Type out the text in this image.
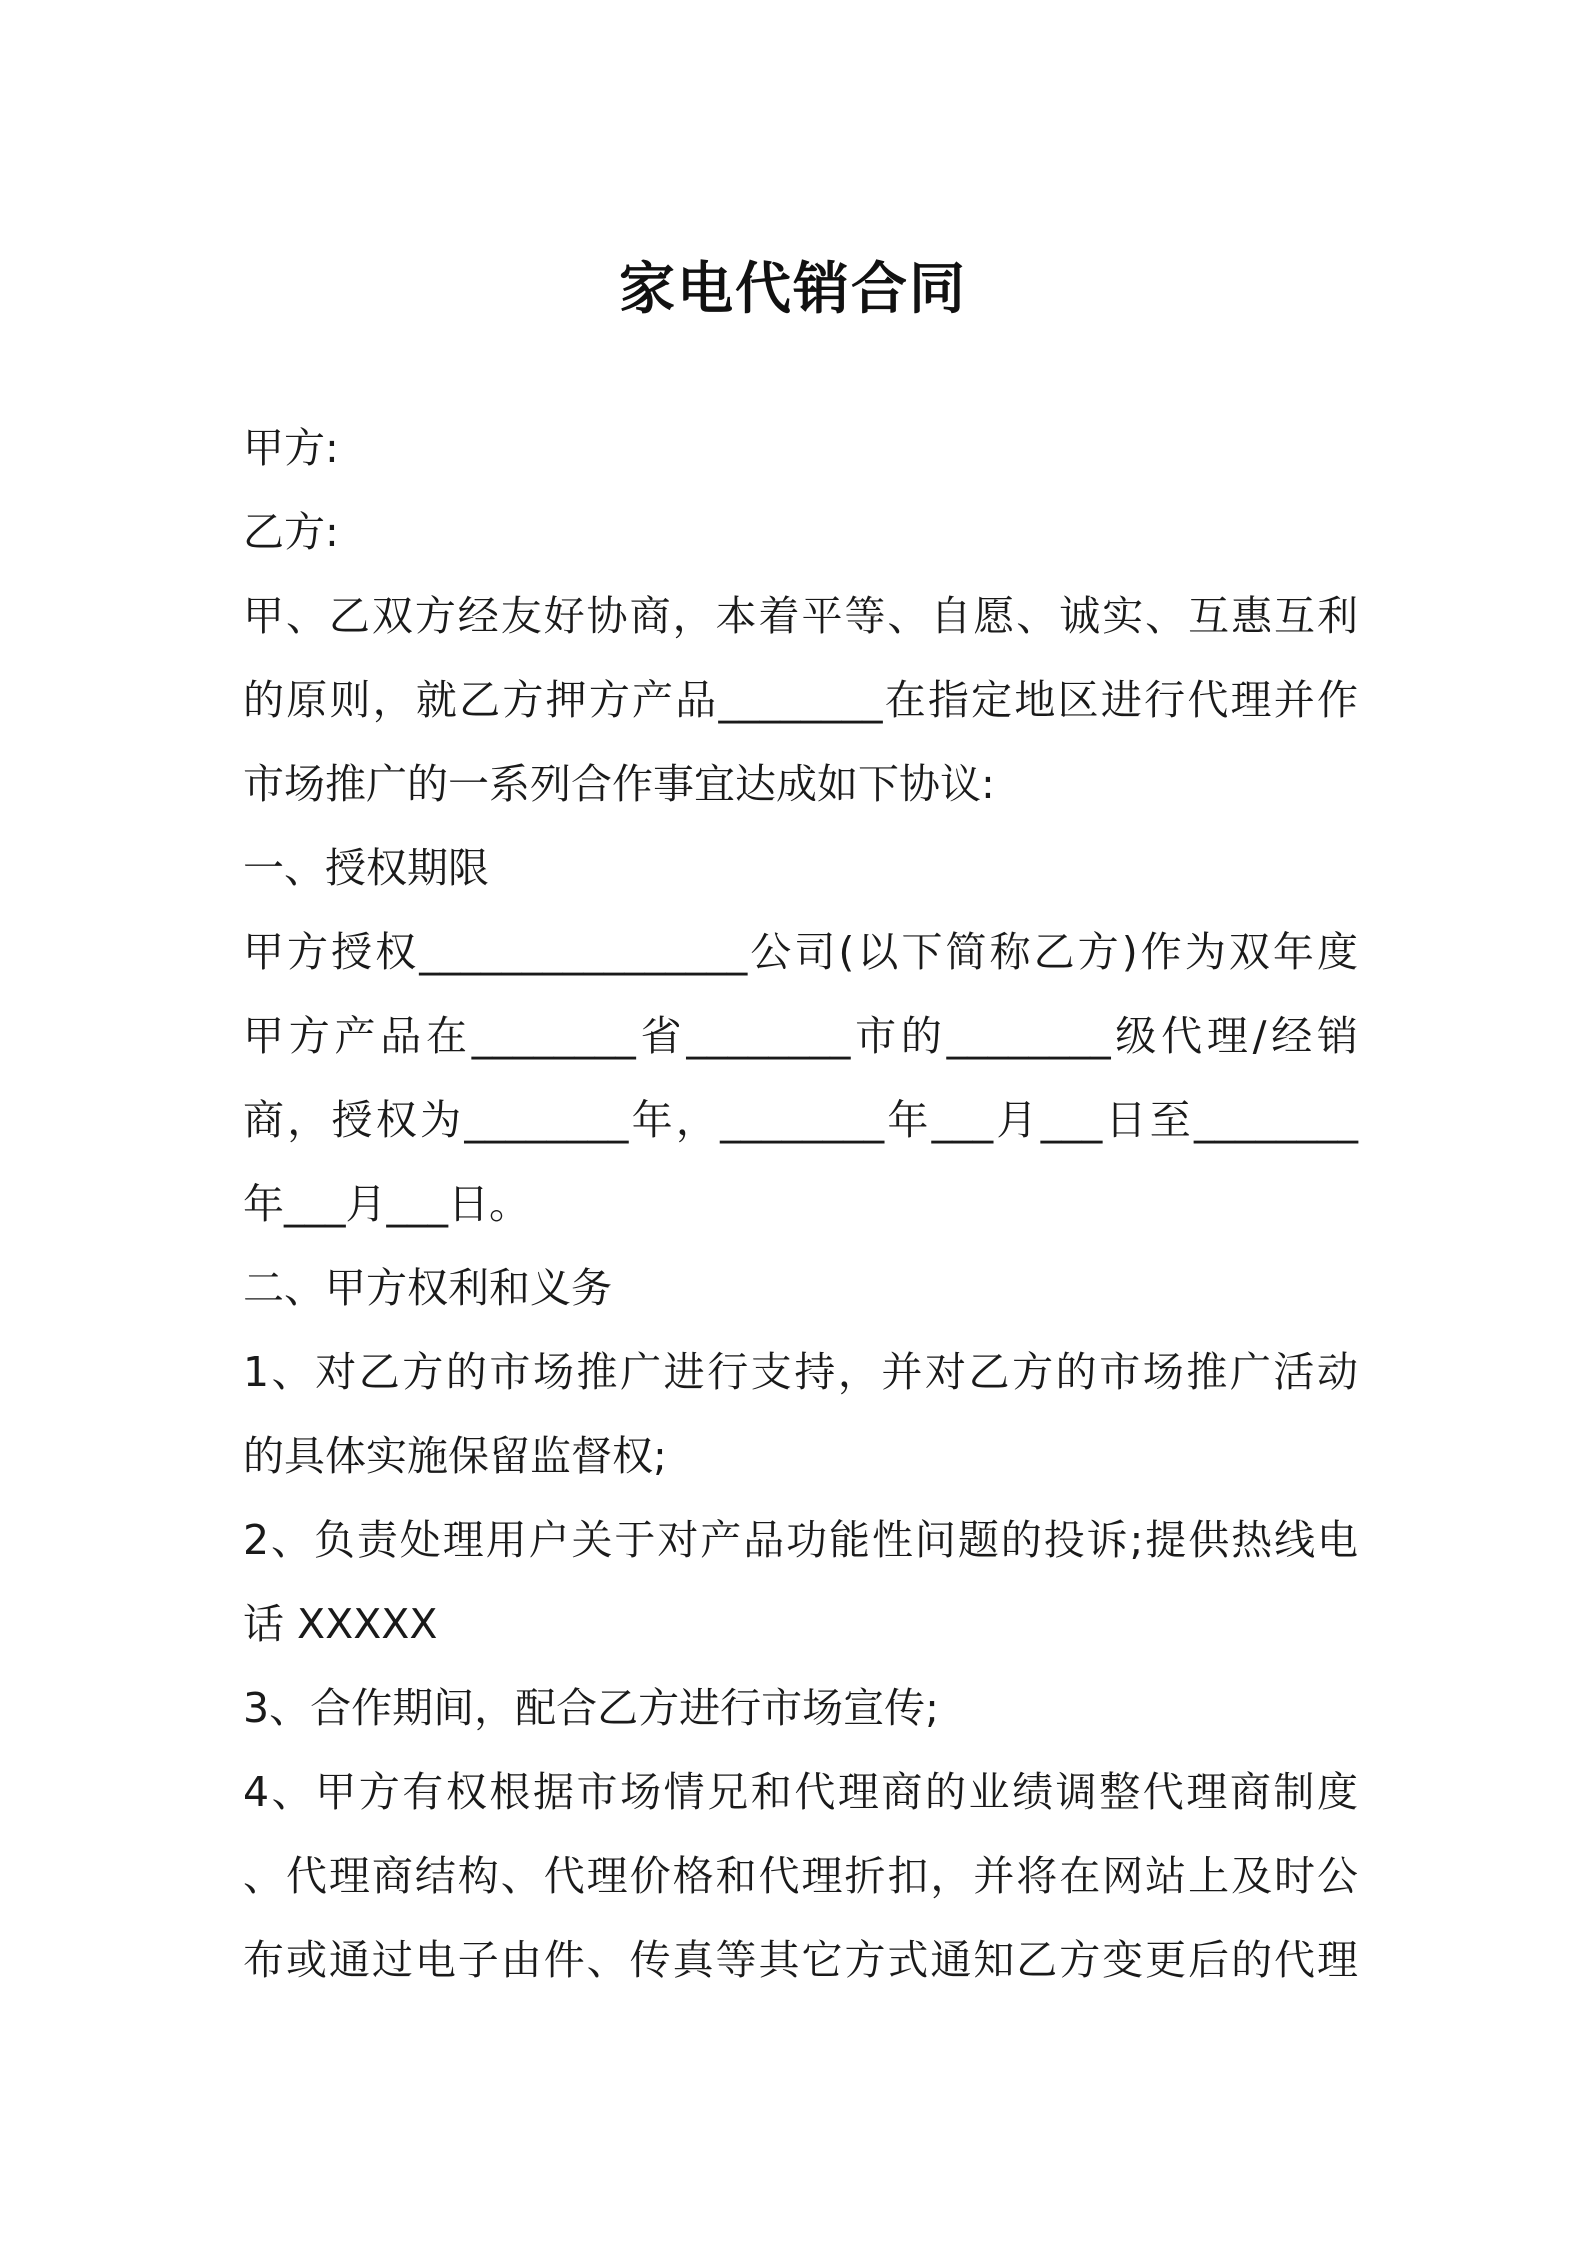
家电代销合同
甲方:
乙方:
甲、乙双方经友好协商，本着平等、自愿、诚实、互惠互利
的原则，就乙方押方产品________在指定地区进行代理并作
市场推广的一系列合作事宜达成如下协议:
一、授权期限
甲方授权________________公司(以下简称乙方)作为双年度
甲方产品在________省________市的________级代理/经销
商，授权为________年，________年___月___日至________
年___月___日。
二、甲方权利和义务
1、对乙方的市场推广进行支持，并对乙方的市场推广活动
的具体实施保留监督权;
2、负责处理用户关于对产品功能性问题的投诉;提供热线电
话 XXXXX
3、合作期间，配合乙方进行市场宣传;
4、甲方有权根据市场情兄和代理商的业绩调整代理商制度
、代理商结构、代理价格和代理折扣，并将在网站上及时公
布或通过电子由件、传真等其它方式通知乙方变更后的代理
